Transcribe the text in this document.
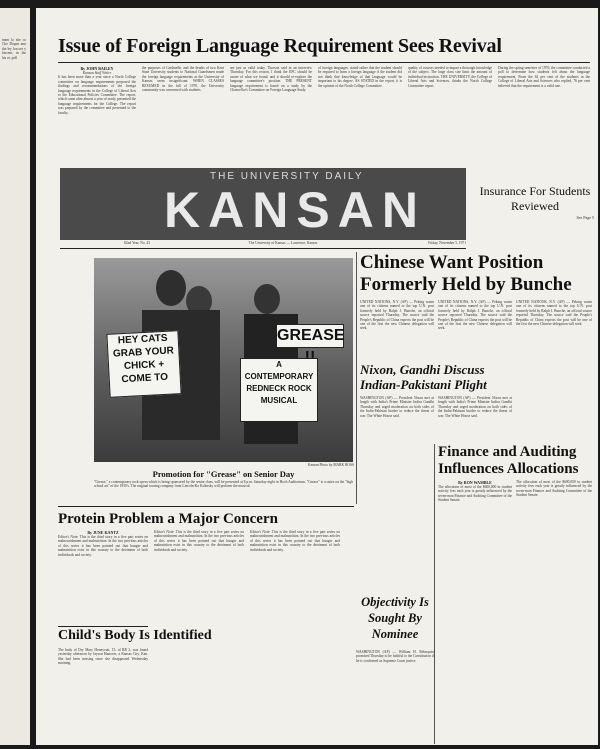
ment lo she co Che Dispnt ann the ley lon ore y hiscent, in the his ot. poll
Issue of Foreign Language Requirement Sees Revival
By JOHN BAILEY
Kansan Staff Writer
It has been more than a year since a North College committee on language requirements proposed the findings and recommendations of the foreign language requirements in the College of Liberal Arts to the Educational Policies Committee. The report, which came after almost a year of study, presented the language requirements for the College. The report was prepared by the committee and presented to the faculty.
the purposes of Cardinelle, and the deaths of two Kent State University students to National Guardsmen made the foreign language requirements at the University of Kansas seem insignificant. WHEN CLASSES RESUMED in the fall of 1970, the University community was concerned with students.
are just as valid today, Thorson said in an interview Thursday. For this reason, I think the EPC should be aware of what we found, and it should re-explore the language committee's position. THE PRESENT language requirement is based on a study by the Chancellor's Committee on Foreign Language Study.
of foreign languages, stated rather that the student should be required to learn a foreign language if the student did not think that knowledge of that language would be important to his degree. AS STATED in the report, it is the opinion of the North College Committee.
quality of courses needed to impart a thorough knowledge of the subject. The large class size limit the amount of individual instruction. THE UNIVERSITY, the College of Liberal Arts and Sciences, thinks the North College Committee report.
During the spring semester of 1970, the committee conducted a poll to determine how students felt about the language requirement. From the 62 per cent of the students in the College of Liberal Arts and Sciences who replied, 76 per cent believed that the requirement is a valid one.
THE UNIVERSITY DAILY
KANSAN
82nd Year, No. 43	The University of Kansas — Lawrence, Kansas	Friday, November 5, 1971
Insurance For Students Reviewed
See Page 5
HEY CATS GRAB YOUR CHICK + COME TO
GREASE
A CONTEMPORARY REDNECK ROCK MUSICAL
Kansan Photo by MARK ROSS
Promotion for "Grease" on Senior Day
"Grease," a contemporary rock opera which is being sponsored by the senior class, will be presented at 8 p.m. Saturday night in Hoch Auditorium. "Grease" is a satire on the "high school art" of the 1950's. The original touring company from Lincoln-Ko Kolinsky will perform the musical.
Chinese Want Position
Formerly Held by Bunche
UNITED NATIONS, N.Y. (AP) — Peking wants one of its citizens named to the top U.N. post formerly held by Ralph J. Bunche, an official source reported Thursday. The source said the People's Republic of China expects the post will be one of the first the new Chinese delegation will seek.
UNITED NATIONS, N.Y. (AP) — Peking wants one of its citizens named to the top U.N. post formerly held by Ralph J. Bunche, an official source reported Thursday. The source said the People's Republic of China expects the post will be one of the first the new Chinese delegation will seek.
UNITED NATIONS, N.Y. (AP) — Peking wants one of its citizens named to the top U.N. post formerly held by Ralph J. Bunche, an official source reported Thursday. The source said the People's Republic of China expects the post will be one of the first the new Chinese delegation will seek.
Nixon, Gandhi Discuss Indian-Pakistani Plight
WASHINGTON (AP) — President Nixon met at length with India's Prime Minister Indira Gandhi Thursday and urged moderation on both sides of the India-Pakistan border to reduce the threat of war. The White House said.
WASHINGTON (AP) — President Nixon met at length with India's Prime Minister Indira Gandhi Thursday and urged moderation on both sides of the India-Pakistan border to reduce the threat of war. The White House said.
Finance and Auditing Influences Allocations
By RON WAMBLE
The allocation of most of the $600,000 in student activity fees each year is greatly influenced by the seven-man Finance and Auditing Committee of the Student Senate.
The allocation of most of the $600,000 in student activity fees each year is greatly influenced by the seven-man Finance and Auditing Committee of the Student Senate.
Protein Problem a Major Concern
By JUNE KANTZ
Editor's Note: This is the third story in a five part series on malnourishment and malnutrition. In the two previous articles of this series it has been pointed out that hunger and malnutrition exist in this country to the detriment of both individuals and society.
Editor's Note: This is the third story in a five part series on malnourishment and malnutrition. In the two previous articles of this series it has been pointed out that hunger and malnutrition exist in this country to the detriment of both individuals and society.
Editor's Note: This is the third story in a five part series on malnourishment and malnutrition. In the two previous articles of this series it has been pointed out that hunger and malnutrition exist in this country to the detriment of both individuals and society.
Child's Body Is Identified
The body of Dry Mary Honeycutt, 15, of RR 2, was found yesterday afternoon by Jayson Hanover, a Kansas City, Kan. She had been missing since she disappeared Wednesday morning.
Objectivity Is Sought By Nominee
WASHINGTON (AP) — William H. Rehnquist promised Thursday to be faithful to the Constitution if he is confirmed as Supreme Court justice.
